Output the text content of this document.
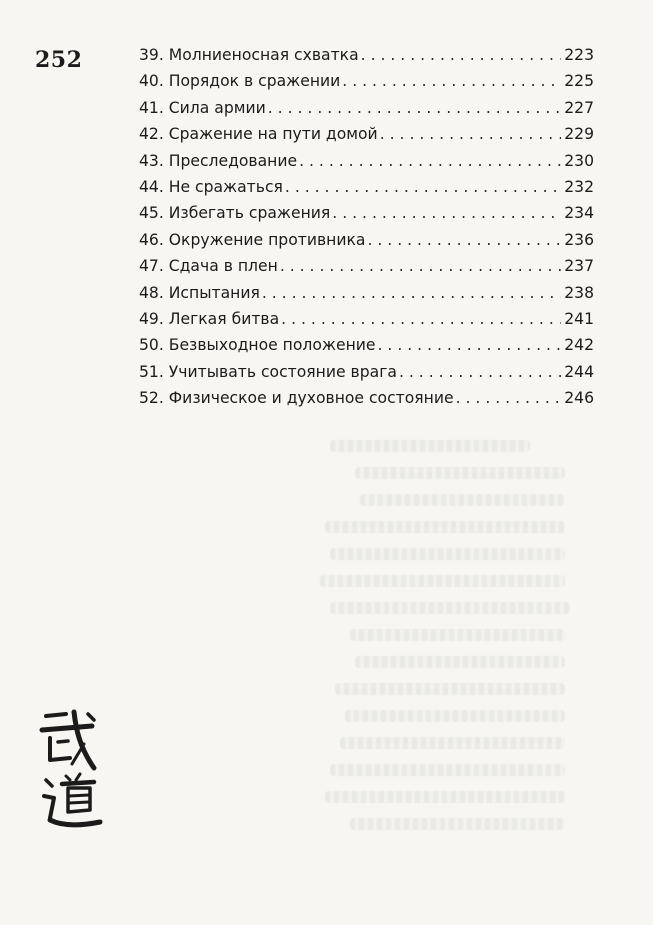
252	39. Молниеносная схватка . . .	223
40. Порядок в сражении . . .	225
41. Сила армии . . .	227
42. Сражение на пути домой . . .	229
43. Преследование . . .	230
44. Не сражаться . . .	232
45. Избегать сражения . . .	234
46. Окружение противника . . .	236
47. Сдача в плен . . .	237
48. Испытания . . .	238
49. Легкая битва . . .	241
50. Безвыходное положение . . .	242
51. Учитывать состояние врага . . .	244
52. Физическое и духовное состояние . . .	246
